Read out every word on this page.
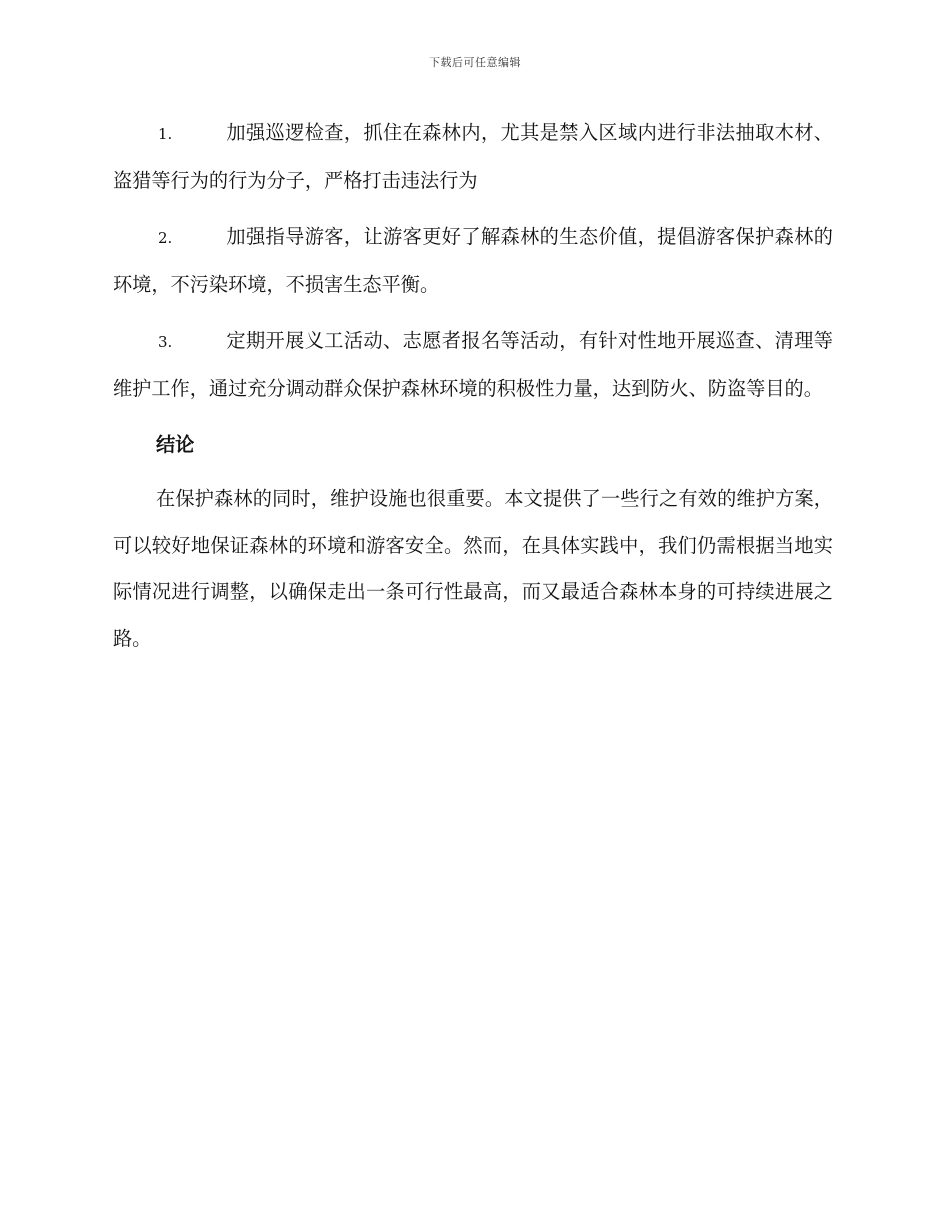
下载后可任意编辑

1.	加强巡逻检查，抓住在森林内，尤其是禁入区域内进行非法抽取木材、盗猎等行为的行为分子，严格打击违法行为

2.	加强指导游客，让游客更好了解森林的生态价值，提倡游客保护森林的环境，不污染环境，不损害生态平衡。

3.	定期开展义工活动、志愿者报名等活动，有针对性地开展巡查、清理等维护工作，通过充分调动群众保护森林环境的积极性力量，达到防火、防盗等目的。

结论

在保护森林的同时，维护设施也很重要。本文提供了一些行之有效的维护方案，可以较好地保证森林的环境和游客安全。然而，在具体实践中，我们仍需根据当地实际情况进行调整，以确保走出一条可行性最高，而又最适合森林本身的可持续进展之路。
